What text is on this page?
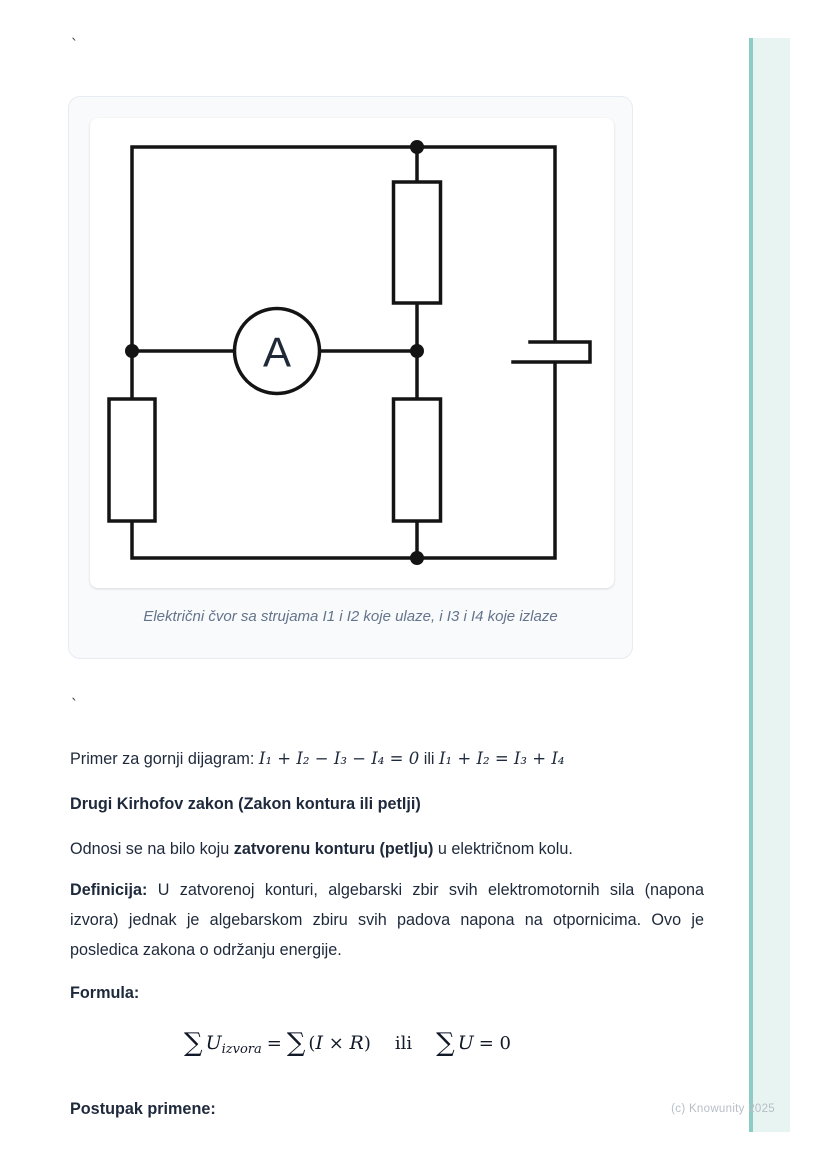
`
A
Električni čvor sa strujama I1 i I2 koje ulaze, i I3 i I4 koje izlaze
`
Primer za gornji dijagram: I₁ + I₂ − I₃ − I₄ = 0 ili I₁ + I₂ = I₃ + I₄
Drugi Kirhofov zakon (Zakon kontura ili petlji)
Odnosi se na bilo koju zatvorenu konturu (petlju) u električnom kolu.
Definicija: U zatvorenoj konturi, algebarski zbir svih elektromotornih sila (napona izvora) jednak je algebarskom zbiru svih padova napona na otpornicima. Ovo je posledica zakona o održanju energije.
Formula:
∑ $U_{izvora}$ = ∑ (I × R) ili ∑ U = 0
Postupak primene:	(c) Knowunity 2025
